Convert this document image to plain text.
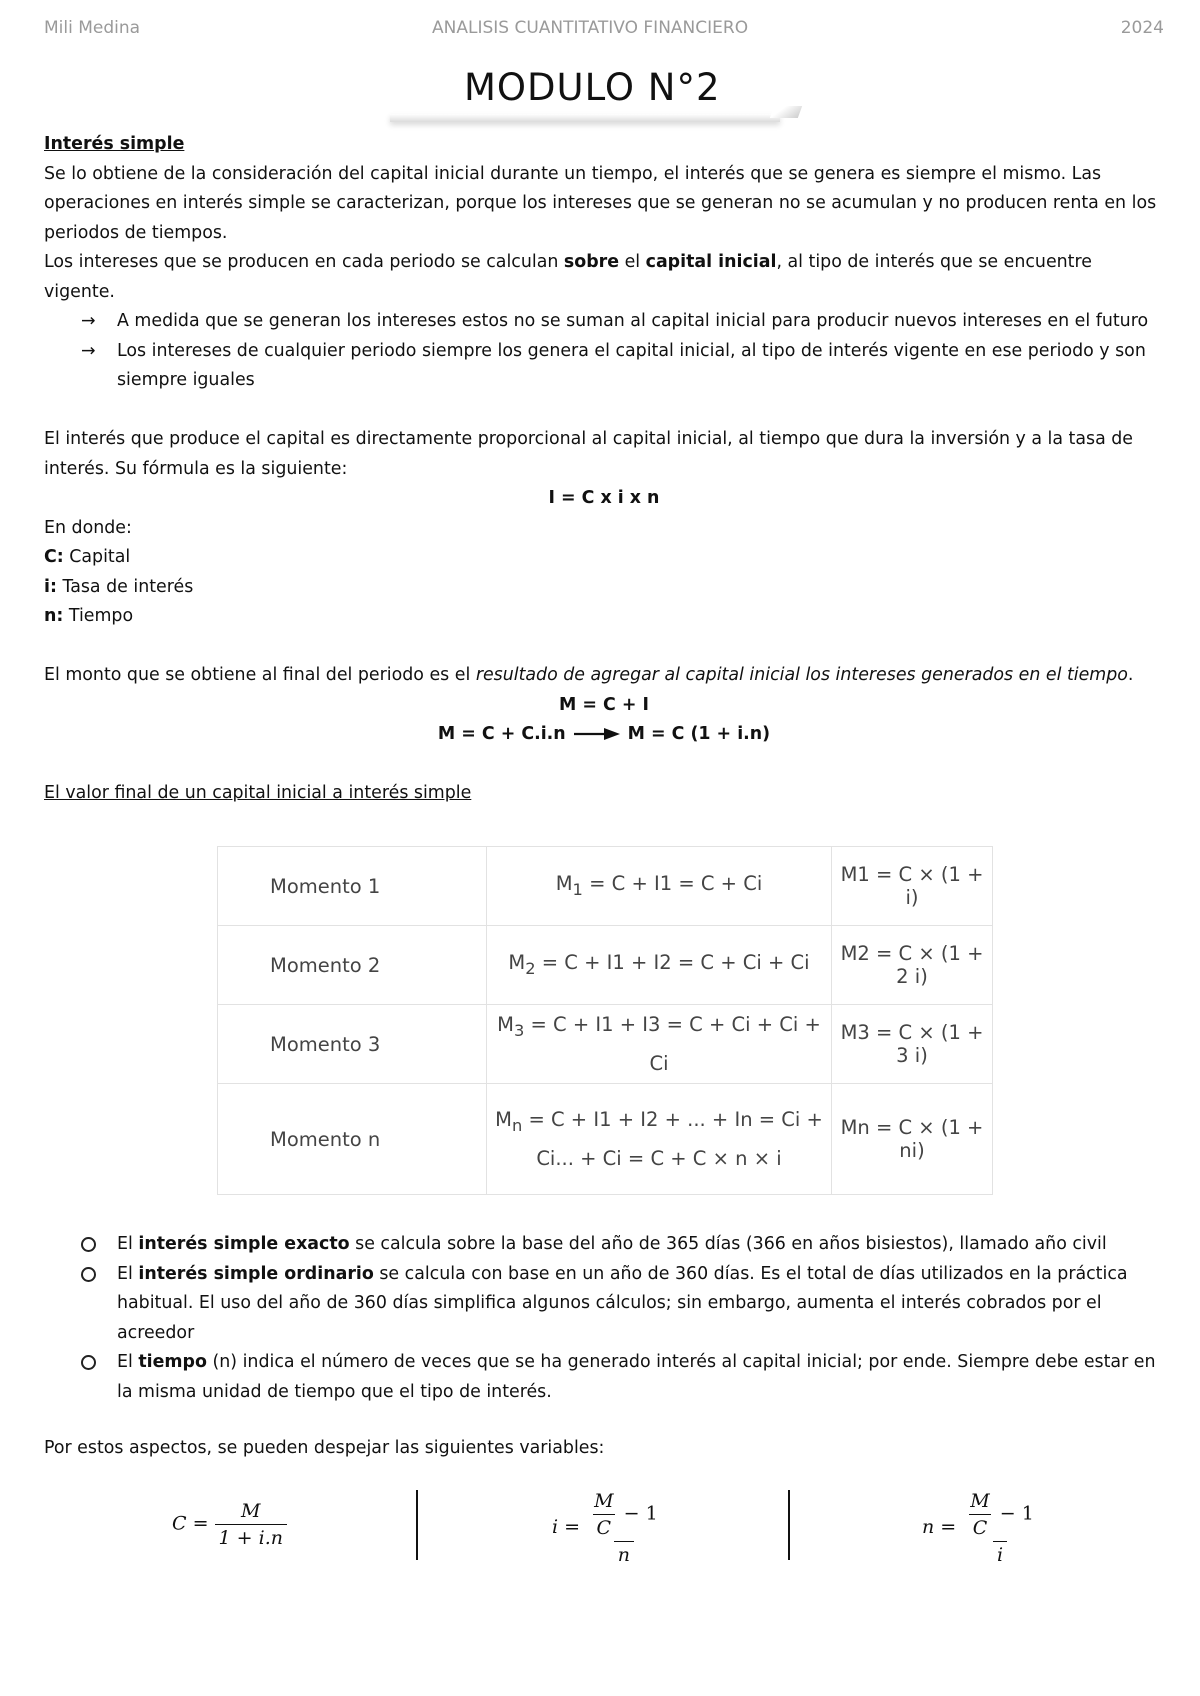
Mili Medina	ANALISIS CUANTITATIVO FINANCIERO	2024
MODULO N°2

Interés simple

Se lo obtiene de la consideración del capital inicial durante un tiempo, el interés que se genera es siempre el mismo. Las operaciones en interés simple se caracterizan, porque los intereses que se generan no se acumulan y no producen renta en los periodos de tiempos.

Los intereses que se producen en cada periodo se calculan sobre el capital inicial, al tipo de interés que se encuentre vigente.

→ A medida que se generan los intereses estos no se suman al capital inicial para producir nuevos intereses en el futuro
→ Los intereses de cualquier periodo siempre los genera el capital inicial, al tipo de interés vigente en ese periodo y son siempre iguales

El interés que produce el capital es directamente proporcional al capital inicial, al tiempo que dura la inversión y a la tasa de interés. Su fórmula es la siguiente:

I = C x i x n

En donde:

C: Capital

i: Tasa de interés

n: Tiempo

El monto que se obtiene al final del periodo es el resultado de agregar al capital inicial los intereses generados en el tiempo.

M = C + I

M = C + C.i.n	M = C (1 + i.n)

El valor final de un capital inicial a interés simple

Momento 1	$M_1 = C + I1 = C + Ci$	M1 = C × (1 + i)
Momento 2	$M_2 = C + I1 + I2 = C + Ci + Ci$	M2 = C × (1 + 2 i)
Momento 3	$M_3 = C + I1 + I3 = C + Ci + Ci + Ci$	M3 = C × (1 + 3 i)
Momento n	$M_n = C + I1 + I2$ + ... + In = Ci +
Ci... + Ci = C + C × n × i	Mn = C × (1 + ni)
El interés simple exacto se calcula sobre la base del año de 365 días (366 en años bisiestos), llamado año civil
El interés simple ordinario se calcula con base en un año de 360 días. Es el total de días utilizados en la práctica habitual. El uso del año de 360 días simplifica algunos cálculos; sin embargo, aumenta el interés cobrados por el acreedor
El tiempo (n) indica el número de veces que se ha generado interés al capital inicial; por ende. Siempre debe estar en la misma unidad de tiempo que el tipo de interés.

Por estos aspectos, se pueden despejar las siguientes variables:

$C = \frac{M}{1 + i.n}$	$i = \frac{\frac{M}{C} - 1}{n}$	$n = \frac{\frac{M}{C} - 1}{i}$
